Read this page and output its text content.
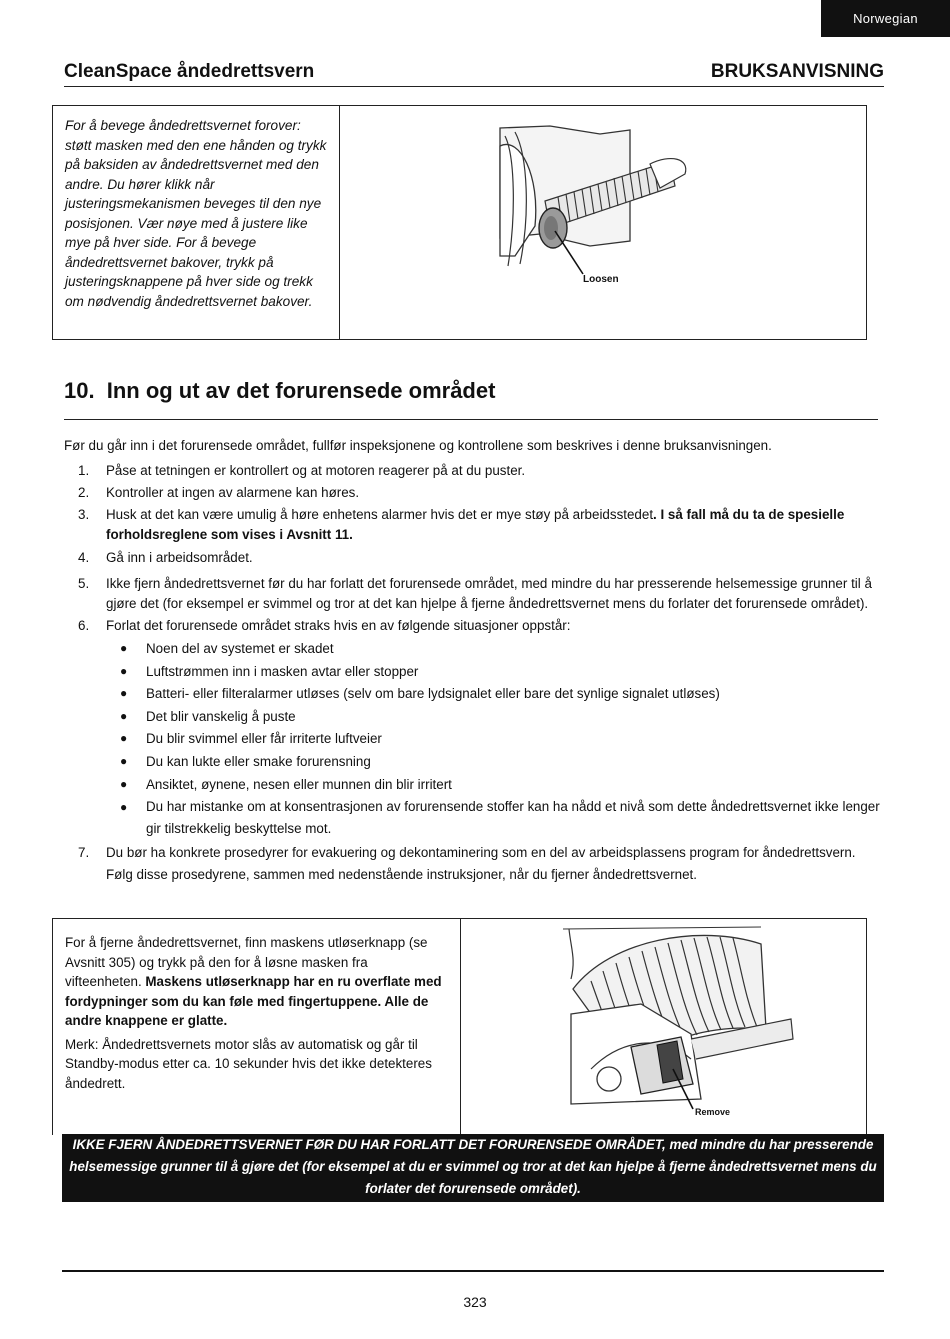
Norwegian
CleanSpace åndedrettsvern	BRUKSANVISNING
For å bevege åndedrettsvernet forover: støtt masken med den ene hånden og trykk på baksiden av åndedrettsvernet med den andre. Du hører klikk når justeringsmekanismen beveges til den nye posisjonen. Vær nøye med å justere like mye på hver side. For å bevege åndedrettsvernet bakover, trykk på justeringsknappene på hver side og trekk om nødvendig åndedrettsvernet bakover.
Loosen
10. Inn og ut av det forurensede området
Før du går inn i det forurensede området, fullfør inspeksjonene og kontrollene som beskrives i denne bruksanvisningen.
1.	Påse at tetningen er kontrollert og at motoren reagerer på at du puster.
2.	Kontroller at ingen av alarmene kan høres.
3.	Husk at det kan være umulig å høre enhetens alarmer hvis det er mye støy på arbeidsstedet. I så fall må du ta de spesielle forholdsreglene som vises i Avsnitt 11.
4.	Gå inn i arbeidsområdet.
5.	Ikke fjern åndedrettsvernet før du har forlatt det forurensede området, med mindre du har presserende helsemessige grunner til å gjøre det (for eksempel er svimmel og tror at det kan hjelpe å fjerne åndedrettsvernet mens du forlater det forurensede området).
6.	Forlat det forurensede området straks hvis en av følgende situasjoner oppstår:
●	Noen del av systemet er skadet
●	Luftstrømmen inn i masken avtar eller stopper
●	Batteri- eller filteralarmer utløses (selv om bare lydsignalet eller bare det synlige signalet utløses)
●	Det blir vanskelig å puste
●	Du blir svimmel eller får irriterte luftveier
●	Du kan lukte eller smake forurensning
●	Ansiktet, øynene, nesen eller munnen din blir irritert
●	Du har mistanke om at konsentrasjonen av forurensende stoffer kan ha nådd et nivå som dette åndedrettsvernet ikke lenger gir tilstrekkelig beskyttelse mot.
7.	Du bør ha konkrete prosedyrer for evakuering og dekontaminering som en del av arbeidsplassens program for åndedrettsvern. Følg disse prosedyrene, sammen med nedenstående instruksjoner, når du fjerner åndedrettsvernet.
For å fjerne åndedrettsvernet, finn maskens utløserknapp (se Avsnitt 305) og trykk på den for å løsne masken fra vifteenheten. Maskens utløserknapp har en ru overflate med fordypninger som du kan føle med fingertuppene. Alle de andre knappene er glatte.
Merk: Åndedrettsvernets motor slås av automatisk og går til Standby-modus etter ca. 10 sekunder hvis det ikke detekteres åndedrett.
Remove
IKKE FJERN ÅNDEDRETTSVERNET FØR DU HAR FORLATT DET FORURENSEDE OMRÅDET, med mindre du har presserende helsemessige grunner til å gjøre det (for eksempel at du er svimmel og tror at det kan hjelpe å fjerne åndedrettsvernet mens du forlater det forurensede området).
323
